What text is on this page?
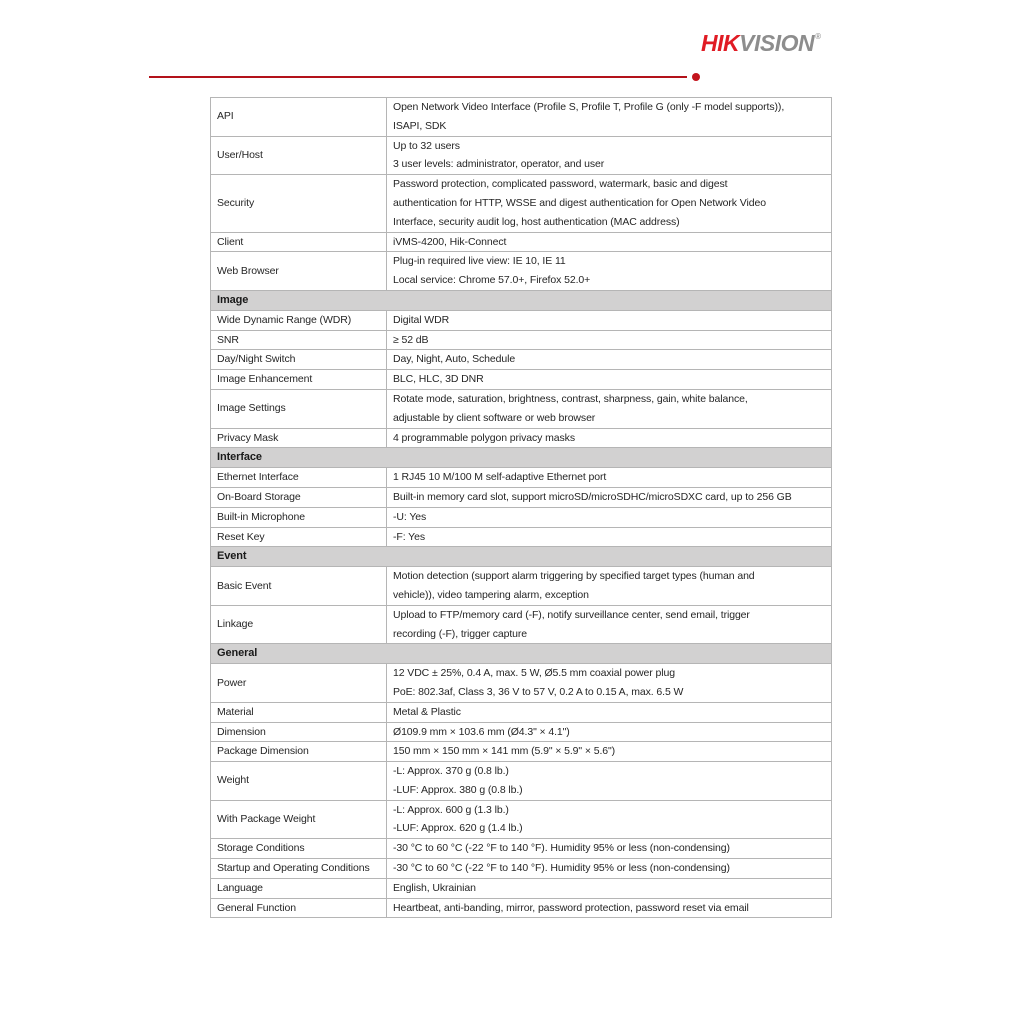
HIKVISION®
API	Open Network Video Interface (Profile S, Profile T, Profile G (only -F model supports)),
ISAPI, SDK

User/Host	Up to 32 users
3 user levels: administrator, operator, and user

Security	Password protection, complicated password, watermark, basic and digest
authentication for HTTP, WSSE and digest authentication for Open Network Video
Interface, security audit log, host authentication (MAC address)

Client	iVMS-4200, Hik-Connect

Web Browser	Plug-in required live view: IE 10, IE 11
Local service: Chrome 57.0+, Firefox 52.0+

Image	
Wide Dynamic Range (WDR)	Digital WDR

SNR	≥ 52 dB

Day/Night Switch	Day, Night, Auto, Schedule

Image Enhancement	BLC, HLC, 3D DNR

Image Settings	Rotate mode, saturation, brightness, contrast, sharpness, gain, white balance,
adjustable by client software or web browser

Privacy Mask	4 programmable polygon privacy masks

Interface	
Ethernet Interface	1 RJ45 10 M/100 M self-adaptive Ethernet port

On-Board Storage	Built-in memory card slot, support microSD/microSDHC/microSDXC card, up to 256 GB

Built-in Microphone	-U: Yes

Reset Key	-F: Yes

Event	
Basic Event	Motion detection (support alarm triggering by specified target types (human and
vehicle)), video tampering alarm, exception

Linkage	Upload to FTP/memory card (-F), notify surveillance center, send email, trigger
recording (-F), trigger capture

General	
Power	12 VDC ± 25%, 0.4 A, max. 5 W, Ø5.5 mm coaxial power plug
PoE: 802.3af, Class 3, 36 V to 57 V, 0.2 A to 0.15 A, max. 6.5 W

Material	Metal & Plastic

Dimension	Ø109.9 mm × 103.6 mm (Ø4.3" × 4.1")

Package Dimension	150 mm × 150 mm × 141 mm (5.9" × 5.9" × 5.6")

Weight	-L: Approx. 370 g (0.8 lb.)
-LUF: Approx. 380 g (0.8 lb.)

With Package Weight	-L: Approx. 600 g (1.3 lb.)
-LUF: Approx. 620 g (1.4 lb.)

Storage Conditions	-30 °C to 60 °C (-22 °F to 140 °F). Humidity 95% or less (non-condensing)

Startup and Operating Conditions	-30 °C to 60 °C (-22 °F to 140 °F). Humidity 95% or less (non-condensing)

Language	English, Ukrainian

General Function	Heartbeat, anti-banding, mirror, password protection, password reset via email
